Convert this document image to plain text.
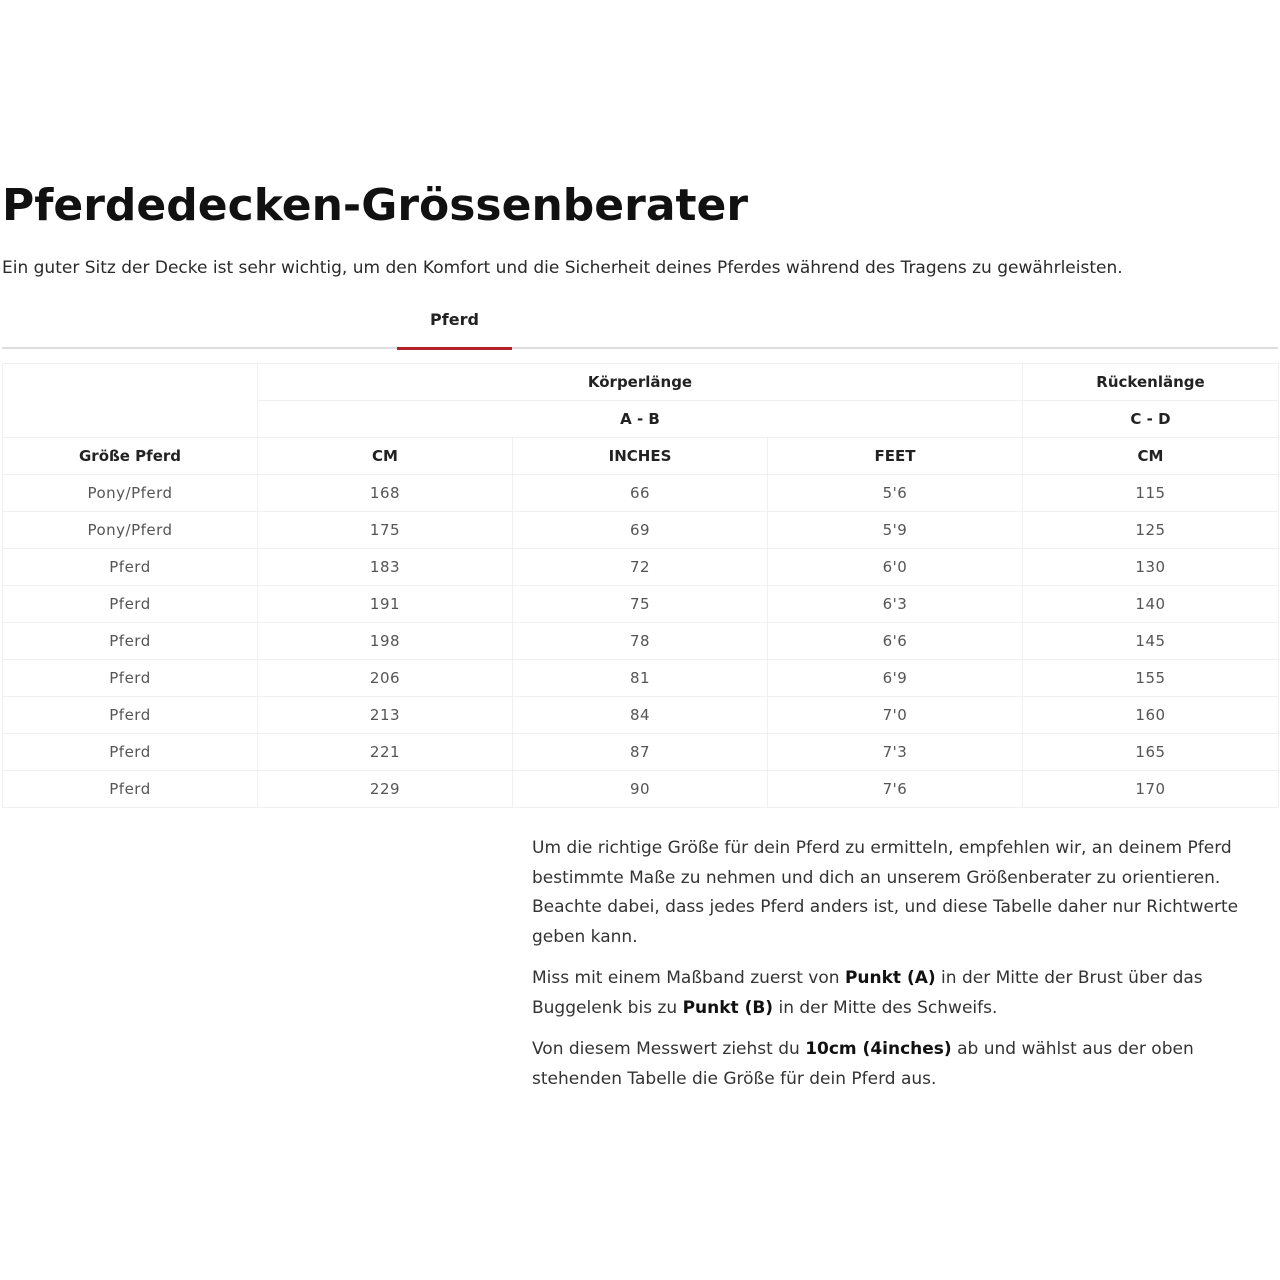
Pferdedecken-Grössenberater

Ein guter Sitz der Decke ist sehr wichtig, um den Komfort und die Sicherheit deines Pferdes während des Tragens zu gewährleisten.

Pferd
	Körperlänge			Rückenlänge
	A - B			C - D
Größe Pferd	CM	INCHES	FEET	CM
Pony/Pferd	168	66	5'6	115
Pony/Pferd	175	69	5'9	125
Pferd	183	72	6'0	130
Pferd	191	75	6'3	140
Pferd	198	78	6'6	145
Pferd	206	81	6'9	155
Pferd	213	84	7'0	160
Pferd	221	87	7'3	165
Pferd	229	90	7'6	170

Um die richtige Größe für dein Pferd zu ermitteln, empfehlen wir, an deinem Pferd bestimmte Maße zu nehmen und dich an unserem Größenberater zu orientieren. Beachte dabei, dass jedes Pferd anders ist, und diese Tabelle daher nur Richtwerte geben kann.

Miss mit einem Maßband zuerst von Punkt (A) in der Mitte der Brust über das Buggelenk bis zu Punkt (B) in der Mitte des Schweifs.

Von diesem Messwert ziehst du 10cm (4inches) ab und wählst aus der oben stehenden Tabelle die Größe für dein Pferd aus.
